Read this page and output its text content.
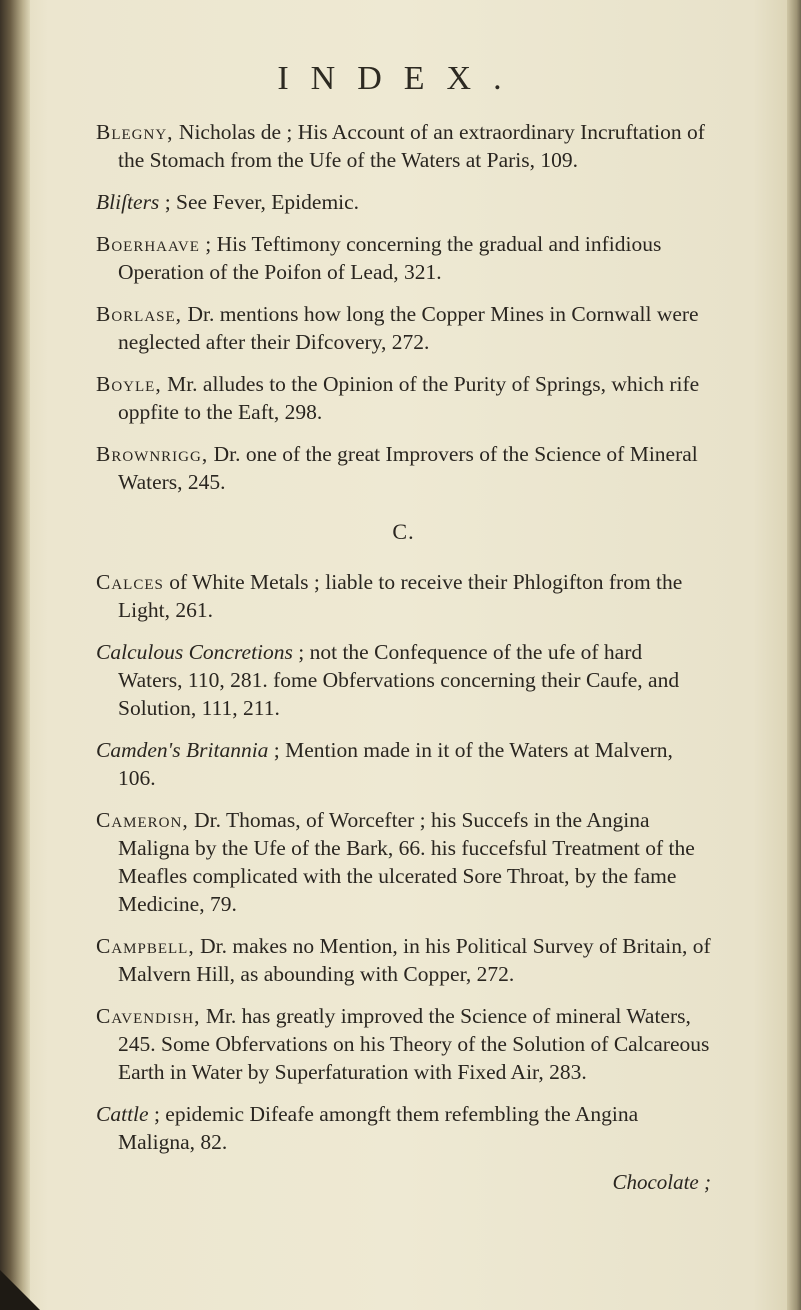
INDEX.

Blegny, Nicholas de ; His Account of an extraordinary Incruftation of the Stomach from the Ufe of the Waters at Paris, 109.

Bliſters ; See Fever, Epidemic.

Boerhaave ; His Teftimony concerning the gradual and infidious Operation of the Poifon of Lead, 321.

Borlase, Dr. mentions how long the Copper Mines in Cornwall were neglected after their Difcovery, 272.

Boyle, Mr. alludes to the Opinion of the Purity of Springs, which rife oppfite to the Eaft, 298.

Brownrigg, Dr. one of the great Improvers of the Science of Mineral Waters, 245.

C.

Calces of White Metals ; liable to receive their Phlogifton from the Light, 261.

Calculous Concretions ; not the Confequence of the ufe of hard Waters, 110, 281. fome Obfervations concerning their Caufe, and Solution, 111, 211.

Camden's Britannia ; Mention made in it of the Waters at Malvern, 106.

Cameron, Dr. Thomas, of Worcefter ; his Succefs in the Angina Maligna by the Ufe of the Bark, 66. his fuccefsful Treatment of the Meafles complicated with the ulcerated Sore Throat, by the fame Medicine, 79.

Campbell, Dr. makes no Mention, in his Political Survey of Britain, of Malvern Hill, as abounding with Copper, 272.

Cavendish, Mr. has greatly improved the Science of mineral Waters, 245. Some Obfervations on his Theory of the Solution of Calcareous Earth in Water by Superfaturation with Fixed Air, 283.

Cattle ; epidemic Difeafe amongft them refembling the Angina Maligna, 82.

Chocolate ;
